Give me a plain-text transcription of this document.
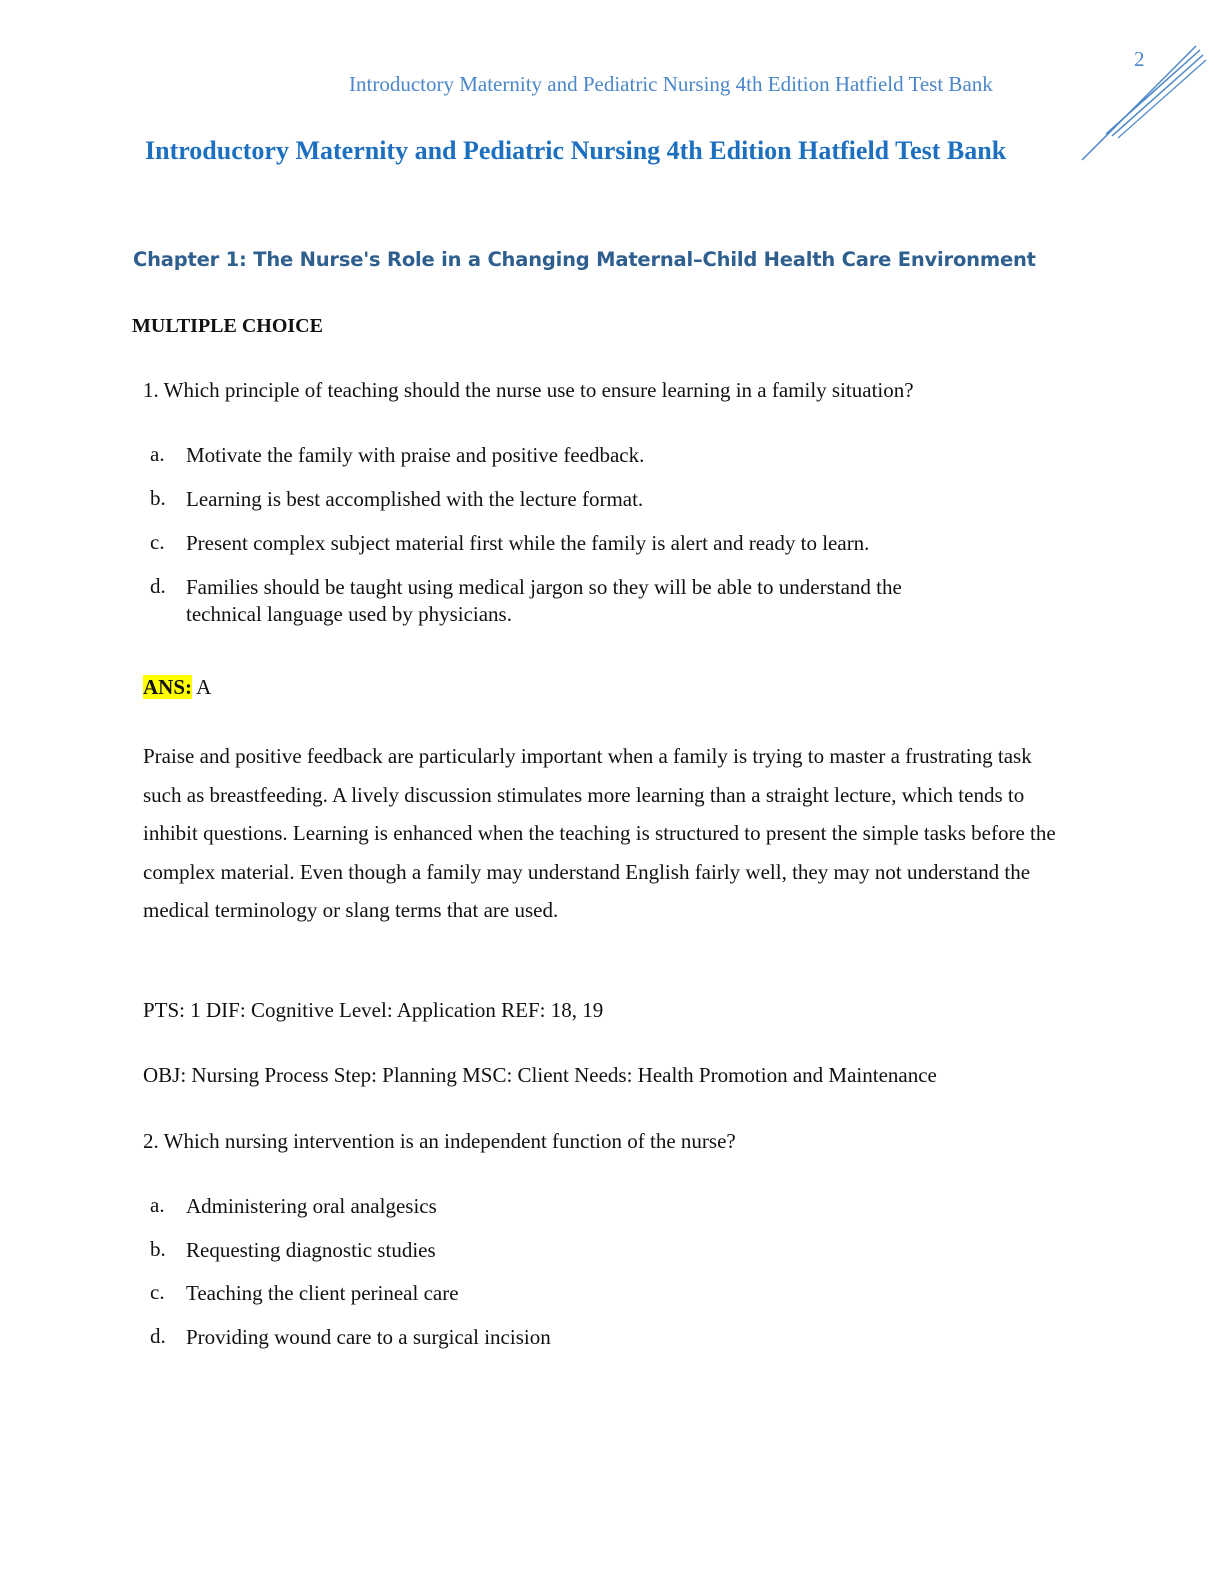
2
Introductory Maternity and Pediatric Nursing 4th Edition Hatfield Test Bank
Introductory Maternity and Pediatric Nursing 4th Edition Hatfield Test Bank
Chapter 1: The Nurse's Role in a Changing Maternal–Child Health Care Environment
MULTIPLE CHOICE
1. Which principle of teaching should the nurse use to ensure learning in a family situation?
a. Motivate the family with praise and positive feedback.
b. Learning is best accomplished with the lecture format.
c. Present complex subject material first while the family is alert and ready to learn.
d. Families should be taught using medical jargon so they will be able to understand the technical language used by physicians.
ANS: A
Praise and positive feedback are particularly important when a family is trying to master a frustrating task such as breastfeeding. A lively discussion stimulates more learning than a straight lecture, which tends to inhibit questions. Learning is enhanced when the teaching is structured to present the simple tasks before the complex material. Even though a family may understand English fairly well, they may not understand the medical terminology or slang terms that are used.
PTS: 1 DIF: Cognitive Level: Application REF: 18, 19
OBJ: Nursing Process Step: Planning MSC: Client Needs: Health Promotion and Maintenance
2. Which nursing intervention is an independent function of the nurse?
a. Administering oral analgesics
b. Requesting diagnostic studies
c. Teaching the client perineal care
d. Providing wound care to a surgical incision
